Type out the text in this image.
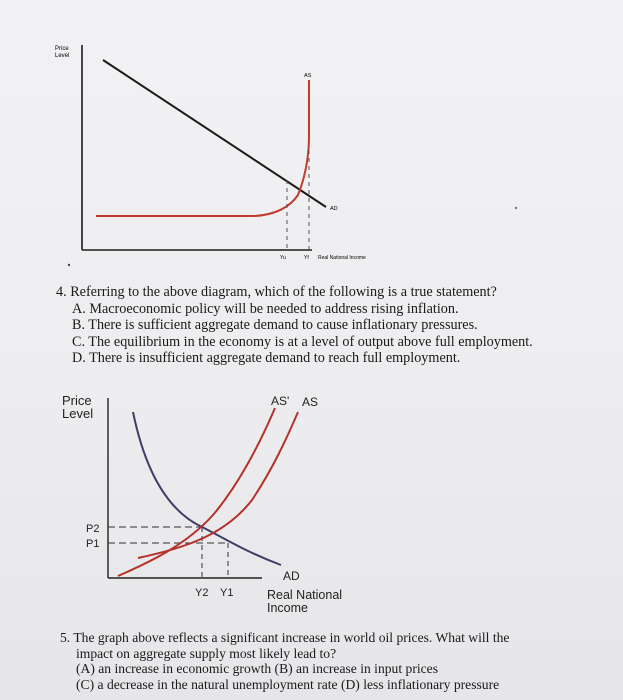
Price
Level
AS
AD
Yu	Yf Real National Income

4. Referring to the above diagram, which of the following is a true statement?

A. Macroeconomic policy will be needed to address rising inflation.

B. There is sufficient aggregate demand to cause inflationary pressures.

C. The equilibrium in the economy is at a level of output above full employment.

D. There is insufficient aggregate demand to reach full employment.

Price
Level
AS' AS
P2
P1
AD
Y2 Y1	Real National
Income
5. The graph above reflects a significant increase in world oil prices. What will the
impact on aggregate supply most likely lead to?
(A) an increase in economic growth (B) an increase in input prices
(C) a decrease in the natural unemployment rate (D) less inflationary pressure
